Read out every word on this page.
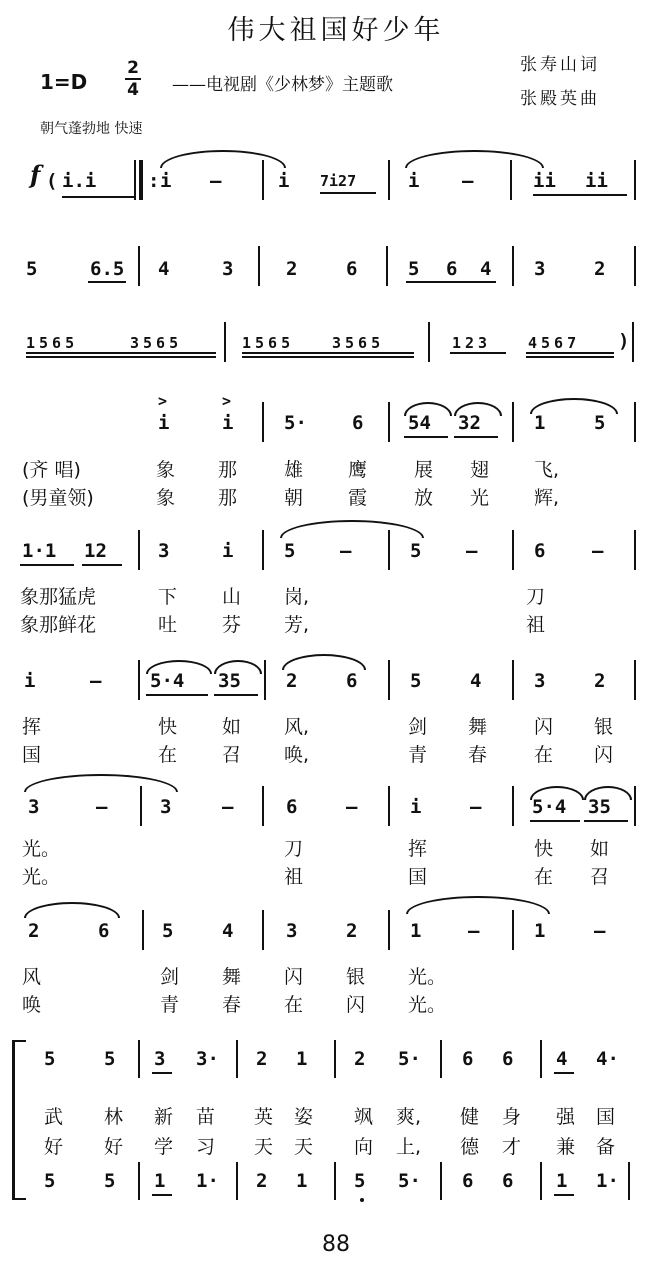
伟大祖国好少年
1=D
2
4 ——电视剧《少林梦》主题歌
张寿山词
张殿英曲
朝气蓬勃地 快速
f ( i.i	: i —	i 7i27	i —	ii ii
5	6.5 4	3	2	6	5 6 4 3	2
1565	3565	1565	3565	123 4567 )
>	>
i	i	5· 6 54 32	1	5
(齐 唱)	象 那 雄 鹰 展 翅 飞,
(男童领)	象 那 朝 霞 放 光 辉,
1·1 12	3	i	5 —	5 —	6 —
象那猛虎	下 山 岗,	刀
象那鲜花	吐 芬 芳,	祖
i	—	5·4 35 2	6	5	4	3	2
挥	快 如 风,	剑 舞 闪 银
国	在 召 唤,	青 春 在 闪
3	—	3	—	6	—	i	—	5·4 35
光。	刀	挥	快 如
光。	祖	国	在 召
2	6	5	4	3	2	1 —	1	—
风	剑 舞 闪 银 光。
唤	青 春 在 闪 光。
5	5 3 3· 2 1 2 5· 6 6 4 4·
武 林 新 苗 英 姿 飒 爽, 健 身 强 国
好 好 学 习 天 天 向 上, 德 才 兼 备
5	5 1 1· 2 1 5 5· 6 6 1 1·
88
